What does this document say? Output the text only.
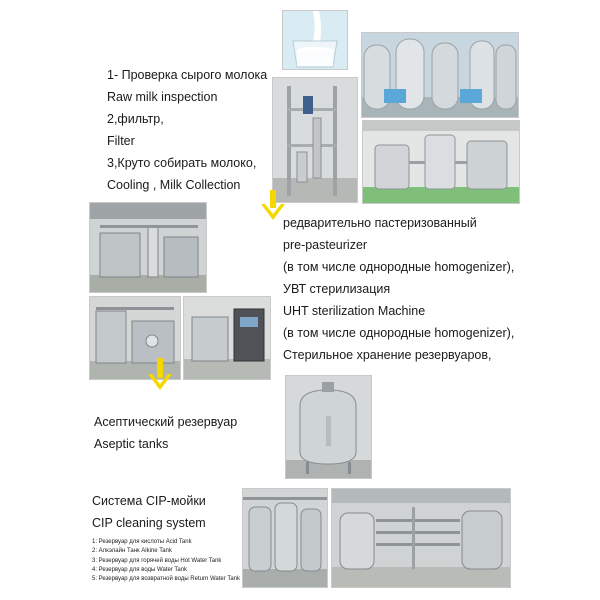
1- Проверка сырого молока
Raw milk inspection
2,фильтр,
Filter
3,Круто собирать молоко,
Cooling , Milk Collection
редварительно пастеризованный
pre-pasteurizer
(в том числе однородные homogenizer),
УВТ стерилизация
UHT sterilization Machine
(в том числе однородные homogenizer),
Стерильное хранение резервуаров,
Асептический резервуар
Aseptic tanks
Система CIP-мойки
CIP cleaning system
1: Резервуар для кислоты Acid Tank
2: Алкэлайн Танк Alkine Tank
3: Резервуар для горячей воды Hot Water Tank
4: Резервуар для воды Water Tank
5: Резервуар для возвратной воды Return Water Tank
